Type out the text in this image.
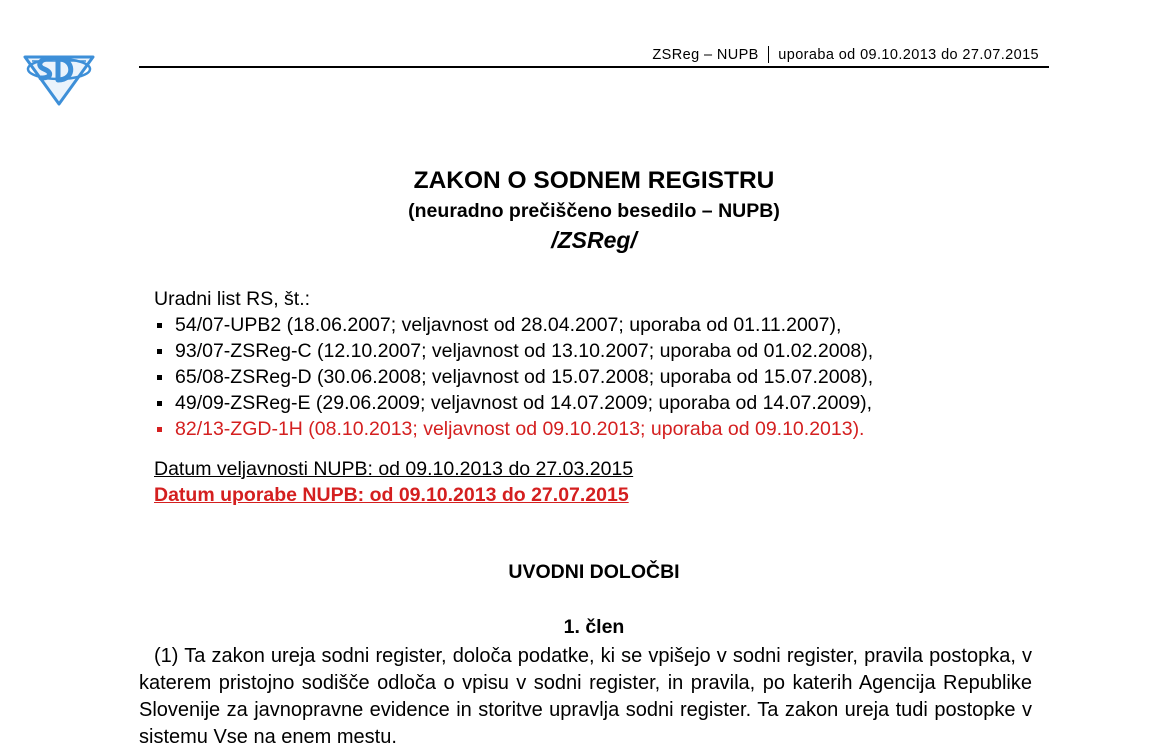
ZSReg – NUPB uporaba od 09.10.2013 do 27.07.2015
ZAKON O SODNEM REGISTRU
(neuradno prečiščeno besedilo – NUPB)
/ZSReg/
Uradni list RS, št.:
54/07-UPB2 (18.06.2007; veljavnost od 28.04.2007; uporaba od 01.11.2007),
93/07-ZSReg-C (12.10.2007; veljavnost od 13.10.2007; uporaba od 01.02.2008),
65/08-ZSReg-D (30.06.2008; veljavnost od 15.07.2008; uporaba od 15.07.2008),
49/09-ZSReg-E (29.06.2009; veljavnost od 14.07.2009; uporaba od 14.07.2009),
82/13-ZGD-1H (08.10.2013; veljavnost od 09.10.2013; uporaba od 09.10.2013).
Datum veljavnosti NUPB: od 09.10.2013 do 27.03.2015
Datum uporabe NUPB: od 09.10.2013 do 27.07.2015
UVODNI DOLOČBI
1. člen
(1) Ta zakon ureja sodni register, določa podatke, ki se vpišejo v sodni register, pravila postopka, v katerem pristojno sodišče odloča o vpisu v sodni register, in pravila, po katerih Agencija Republike Slovenije za javnopravne evidence in storitve upravlja sodni register. Ta zakon ureja tudi postopke v sistemu Vse na enem mestu.
